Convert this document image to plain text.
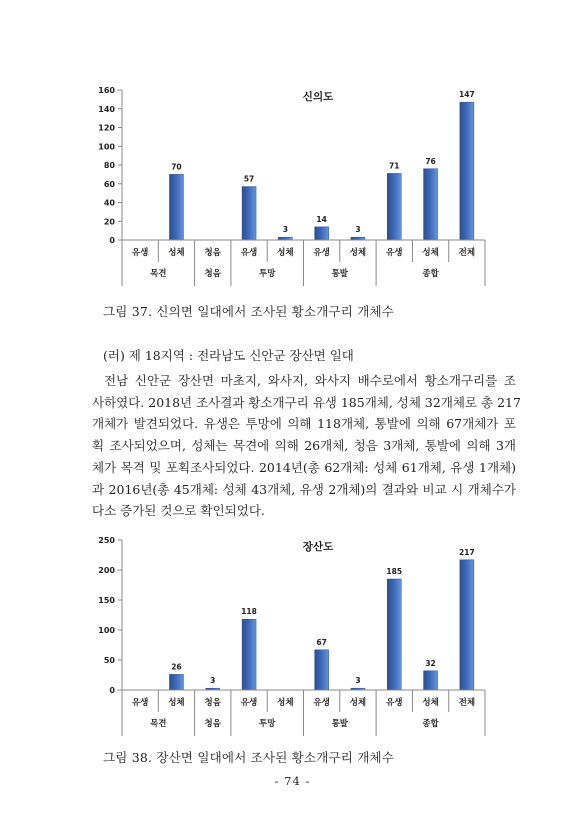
0
20
40
60
80
100
120
140
160
신의도
70
57
3
14
3
71
76
147
유생 성체 청음 유생 성체 유생 성체 유생 성체 전체
목견	청음	투망	통발	종합
그림 37. 신의면 일대에서 조사된 황소개구리 개체수
(러) 제 18지역 : 전라남도 신안군 장산면 일대
전남 신안군 장산면 마초지, 와사지, 와사지 배수로에서 황소개구리를 조
사하였다. 2018년 조사결과 황소개구리 유생 185개체, 성체 32개체로 총 217
개체가 발견되었다. 유생은 투망에 의해 118개체, 통발에 의해 67개체가 포
획 조사되었으며, 성체는 목견에 의해 26개체, 청음 3개체, 통발에 의해 3개
체가 목격 및 포획조사되었다. 2014년(총 62개체: 성체 61개체, 유생 1개체)
과 2016년(총 45개체: 성체 43개체, 유생 2개체)의 결과와 비교 시 개체수가
다소 증가된 것으로 확인되었다.
0
50
100
150
200
250
장산도
26
3
118
67
3
185
32
217
유생 성체 청음 유생 성체 유생 성체 유생 성체 전체
목견	청음	투망	통발	종합
그림 38. 장산면 일대에서 조사된 황소개구리 개체수
- 74 -
